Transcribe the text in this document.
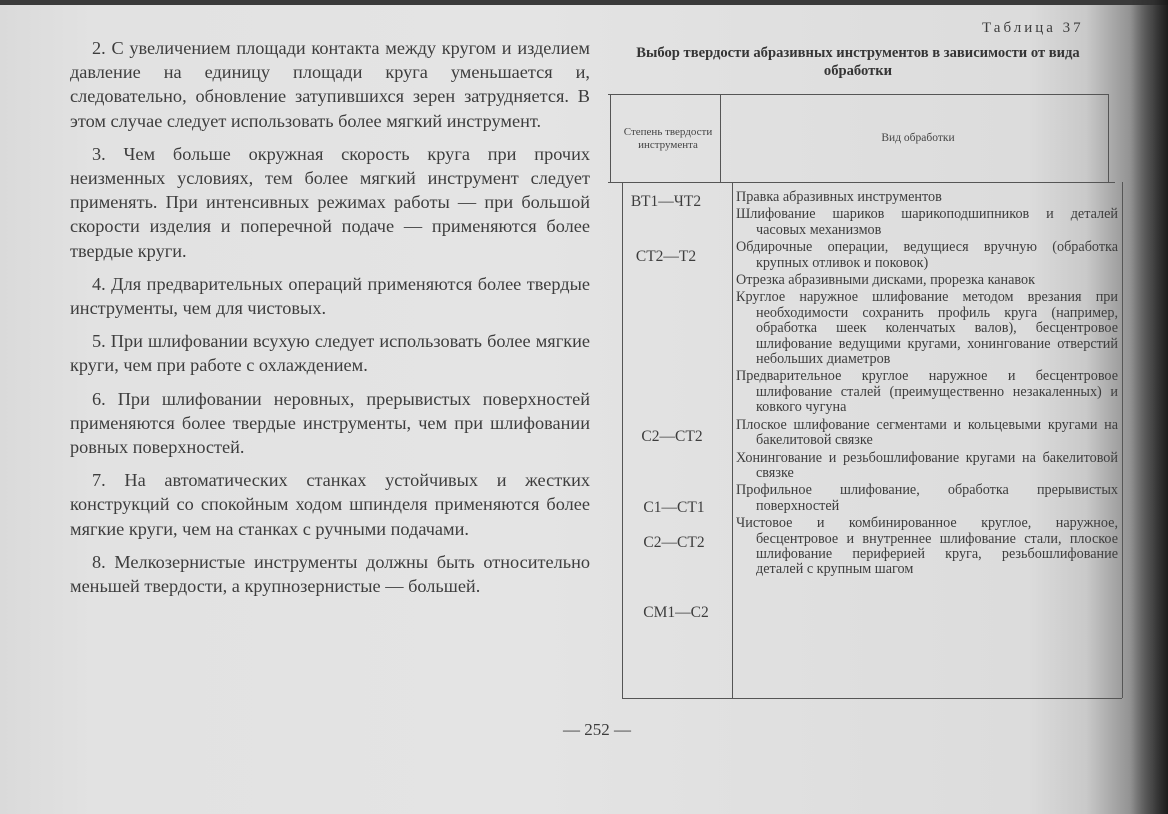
2. С увеличением площади контакта между кругом и изделием давление на единицу площади круга уменьшается и, следовательно, обновление затупившихся зерен затрудняется. В этом случае следует использовать более мягкий инструмент.

3. Чем больше окружная скорость круга при прочих неизменных условиях, тем более мягкий инструмент следует применять. При интенсивных режимах работы — при большой скорости изделия и поперечной подаче — применяются более твердые круги.

4. Для предварительных операций применяются более твердые инструменты, чем для чистовых.

5. При шлифовании всухую следует использовать более мягкие круги, чем при работе с охлаждением.

6. При шлифовании неровных, прерывистых поверхностей применяются более твердые инструменты, чем при шлифовании ровных поверхностей.

7. На автоматических станках устойчивых и жестких конструкций со спокойным ходом шпинделя применяются более мягкие круги, чем на станках с ручными подачами.

8. Мелкозернистые инструменты должны быть относительно меньшей твердости, а крупнозернистые — большей.

Таблица 37
Выбор твердости абразивных инструментов в зависимости от вида обработки
Степень твердости инструмента
Вид обработки
ВТ1—ЧТ2
СТ2—Т2
С2—СТ2
С1—СТ1
С2—СТ2
СМ1—С2
Правка абразивных инструментов
Шлифование шариков шарикоподшипников и деталей часовых механизмов
Обдирочные операции, ведущиеся вручную (обработка крупных отливок и поковок)
Отрезка абразивными дисками, прорезка канавок
Круглое наружное шлифование методом врезания при необходимости сохранить профиль круга (например, обработка шеек коленчатых валов), бесцентровое шлифование ведущими кругами, хонингование отверстий небольших диаметров
Предварительное круглое наружное и бесцентровое шлифование сталей (преимущественно незакаленных) и ковкого чугуна
Плоское шлифование сегментами и кольцевыми кругами на бакелитовой связке
Хонингование и резьбошлифование кругами на бакелитовой связке
Профильное шлифование, обработка прерывистых поверхностей
Чистовое и комбинированное круглое, наружное, бесцентровое и внутреннее шлифование стали, плоское шлифование периферией круга, резьбошлифование деталей с крупным шагом
— 252 —
